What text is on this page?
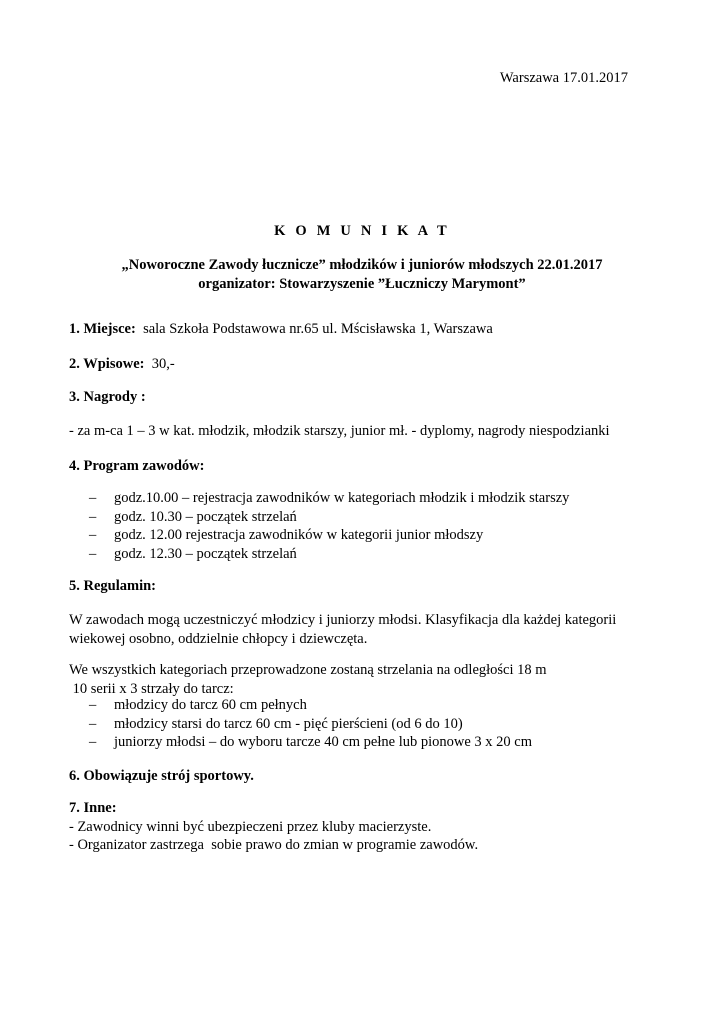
Warszawa 17.01.2017
K O M U N I K A T
„Noworoczne Zawody łucznicze” młodzików i juniorów młodszych 22.01.2017
organizator: Stowarzyszenie ”Łuczniczy Marymont”
1. Miejsce: sala Szkoła Podstawowa nr.65 ul. Mścisławska 1, Warszawa
2. Wpisowe: 30,-
3. Nagrody :
- za m-ca 1 – 3 w kat. młodzik, młodzik starszy, junior mł. - dyplomy, nagrody niespodzianki
4. Program zawodów:
– godz.10.00 – rejestracja zawodników w kategoriach młodzik i młodzik starszy
– godz. 10.30 – początek strzelań
– godz. 12.00 rejestracja zawodników w kategorii junior młodszy
– godz. 12.30 – początek strzelań
5. Regulamin:
W zawodach mogą uczestniczyć młodzicy i juniorzy młodsi. Klasyfikacja dla każdej kategorii
wiekowej osobno, oddzielnie chłopcy i dziewczęta.
We wszystkich kategoriach przeprowadzone zostaną strzelania na odległości 18 m
10 serii x 3 strzały do tarcz:
– młodzicy do tarcz 60 cm pełnych
– młodzicy starsi do tarcz 60 cm - pięć pierścieni (od 6 do 10)
– juniorzy młodsi – do wyboru tarcze 40 cm pełne lub pionowe 3 x 20 cm
6. Obowiązuje strój sportowy.
7. Inne:
- Zawodnicy winni być ubezpieczeni przez kluby macierzyste.
- Organizator zastrzega  sobie prawo do zmian w programie zawodów.
